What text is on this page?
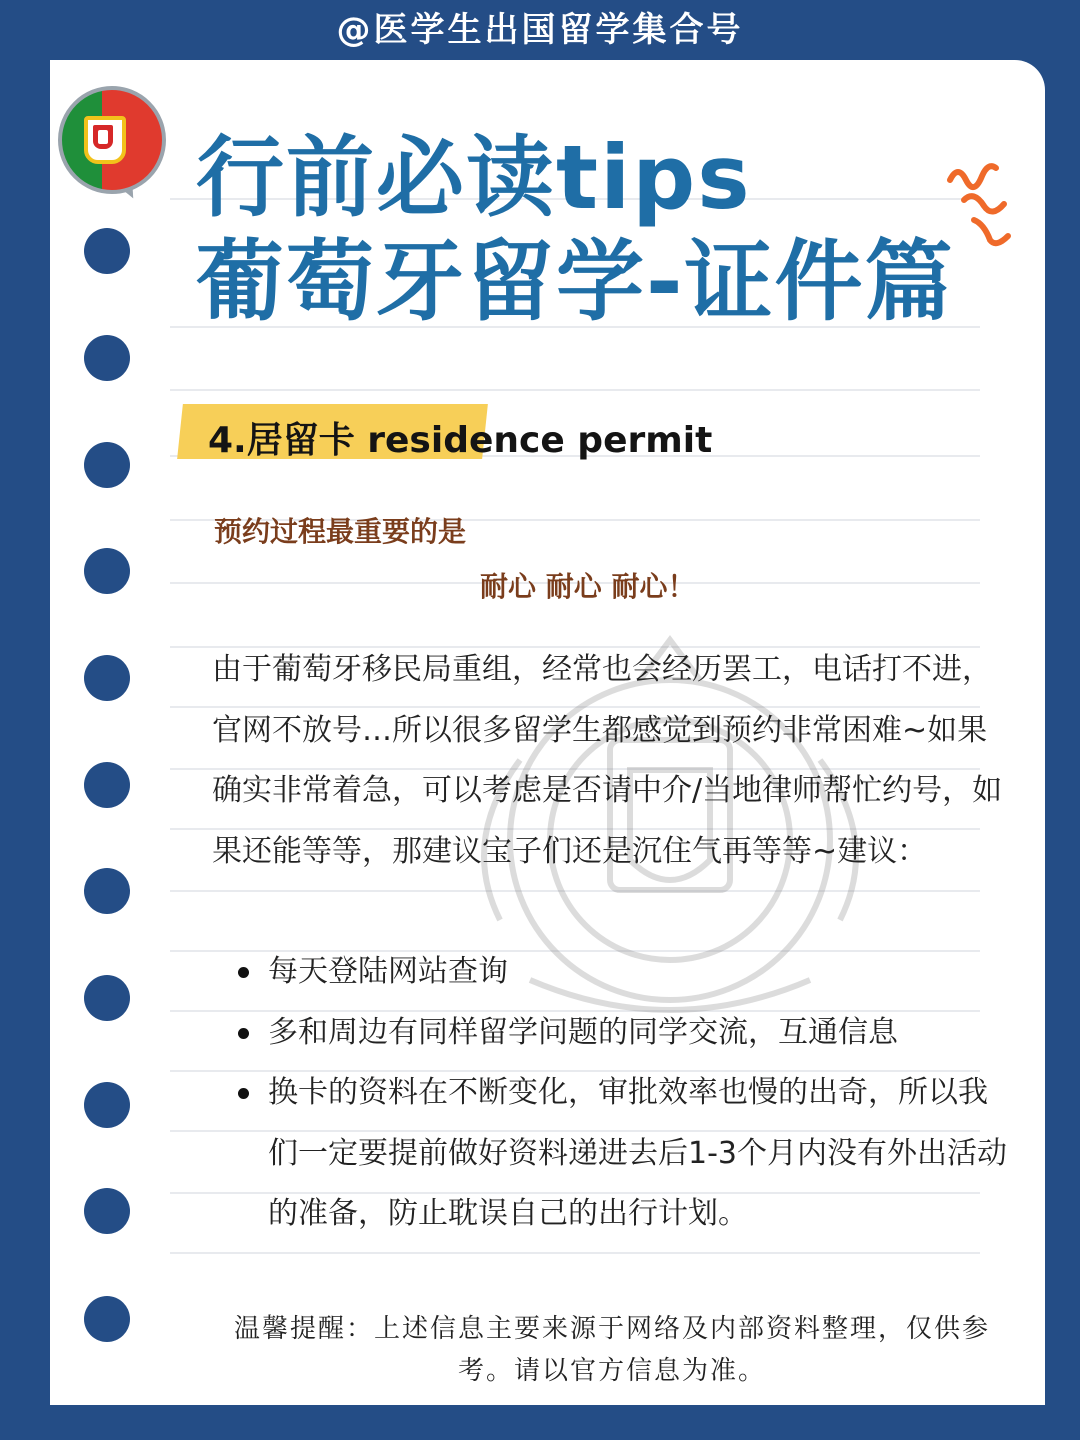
@医学生出国留学集合号
行前必读tips
葡萄牙留学-证件篇
4.居留卡 residence permit
预约过程最重要的是
耐心 耐心 耐心！
由于葡萄牙移民局重组，经常也会经历罢工，电话打不进，官网不放号…所以很多留学生都感觉到预约非常困难~如果确实非常着急，可以考虑是否请中介/当地律师帮忙约号，如果还能等等，那建议宝子们还是沉住气再等等~建议：
每天登陆网站查询
多和周边有同样留学问题的同学交流，互通信息
换卡的资料在不断变化，审批效率也慢的出奇，所以我们一定要提前做好资料递进去后1-3个月内没有外出活动的准备，防止耽误自己的出行计划。
温馨提醒：上述信息主要来源于网络及内部资料整理，仅供参考。请以官方信息为准。
